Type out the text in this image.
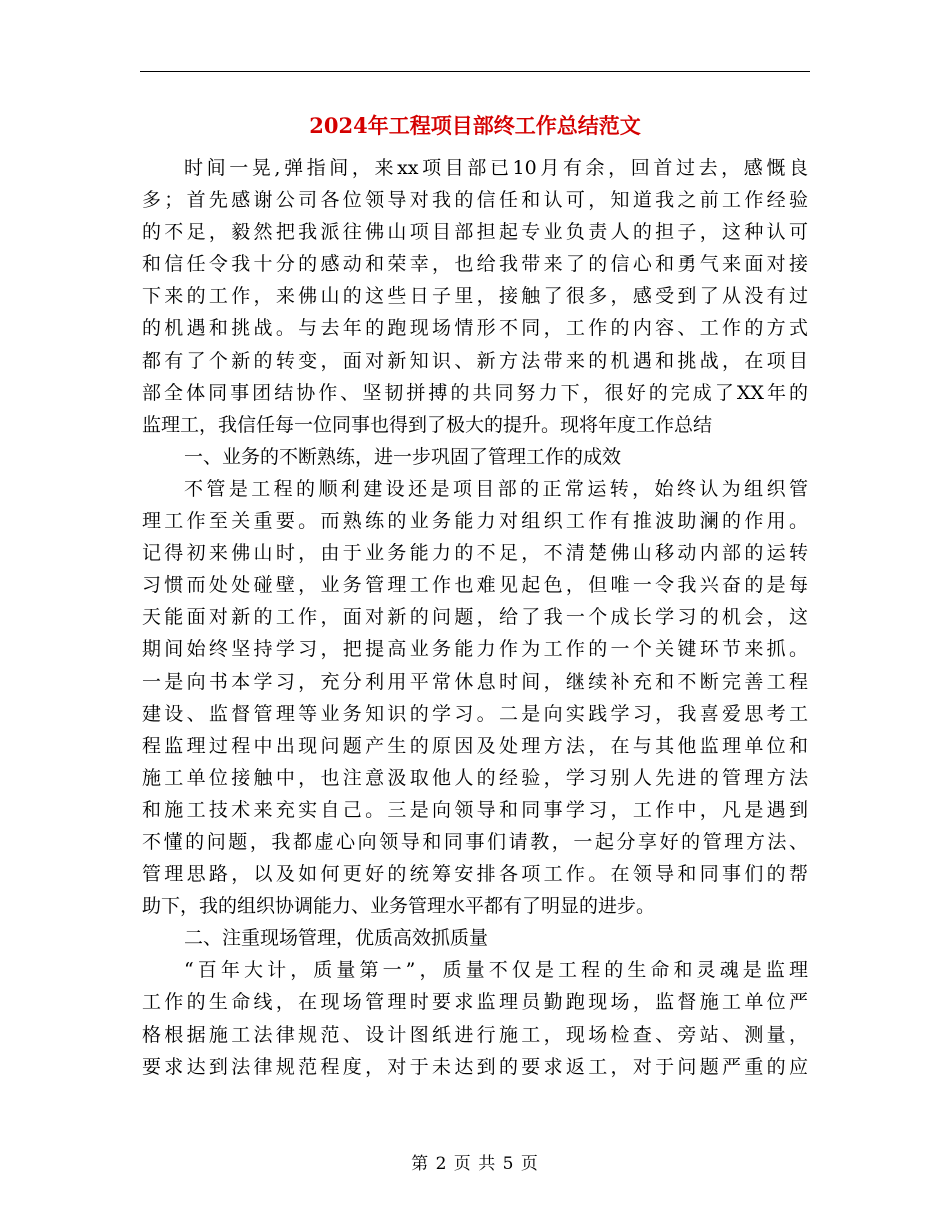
2024年工程项目部终工作总结范文
时间一晃,弹指间，来xx项目部已10月有余，回首过去，感慨良
多；首先感谢公司各位领导对我的信任和认可，知道我之前工作经验
的不足，毅然把我派往佛山项目部担起专业负责人的担子，这种认可
和信任令我十分的感动和荣幸，也给我带来了的信心和勇气来面对接
下来的工作，来佛山的这些日子里，接触了很多，感受到了从没有过
的机遇和挑战。与去年的跑现场情形不同，工作的内容、工作的方式
都有了个新的转变，面对新知识、新方法带来的机遇和挑战，在项目
部全体同事团结协作、坚韧拼搏的共同努力下，很好的完成了XX年的
监理工，我信任每一位同事也得到了极大的提升。现将年度工作总结
一、业务的不断熟练，进一步巩固了管理工作的成效
不管是工程的顺利建设还是项目部的正常运转，始终认为组织管
理工作至关重要。而熟练的业务能力对组织工作有推波助澜的作用。
记得初来佛山时，由于业务能力的不足，不清楚佛山移动内部的运转
习惯而处处碰壁，业务管理工作也难见起色，但唯一令我兴奋的是每
天能面对新的工作，面对新的问题，给了我一个成长学习的机会，这
期间始终坚持学习，把提高业务能力作为工作的一个关键环节来抓。
一是向书本学习，充分利用平常休息时间，继续补充和不断完善工程
建设、监督管理等业务知识的学习。二是向实践学习，我喜爱思考工
程监理过程中出现问题产生的原因及处理方法，在与其他监理单位和
施工单位接触中，也注意汲取他人的经验，学习别人先进的管理方法
和施工技术来充实自己。三是向领导和同事学习，工作中，凡是遇到
不懂的问题，我都虚心向领导和同事们请教，一起分享好的管理方法、
管理思路，以及如何更好的统筹安排各项工作。在领导和同事们的帮
助下，我的组织协调能力、业务管理水平都有了明显的进步。
二、注重现场管理，优质高效抓质量
“百年大计，质量第一”，质量不仅是工程的生命和灵魂是监理
工作的生命线，在现场管理时要求监理员勤跑现场，监督施工单位严
格根据施工法律规范、设计图纸进行施工，现场检查、旁站、测量，
要求达到法律规范程度，对于未达到的要求返工，对于问题严重的应
第 2 页 共 5 页
